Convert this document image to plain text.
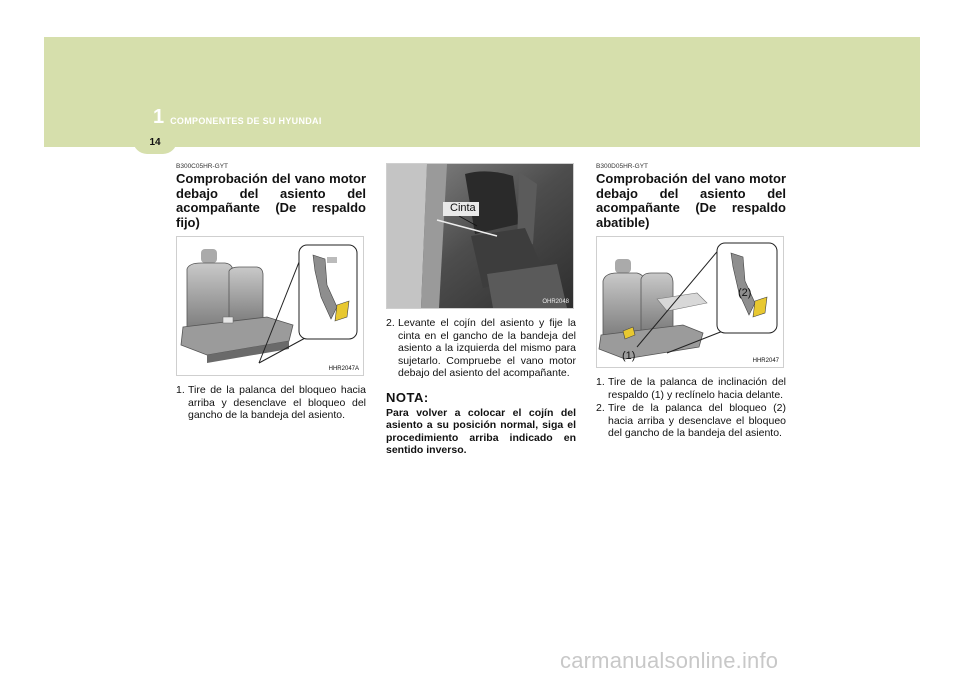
1 COMPONENTES DE SU HYUNDAI
14
B300C05HR-GYT
Comprobación del vano motor debajo del asiento del acompañante (De respaldo fijo)
HHR2047A
1. Tire de la palanca del bloqueo hacia arriba y desenclave el bloqueo del gancho de la bandeja del asiento.
Cinta
OHR2048
2. Levante el cojín del asiento y fije la cinta en el gancho de la bandeja del asiento a la izquierda del mismo para sujetarlo. Compruebe el vano motor debajo del asiento del acompañante.
NOTA:
Para volver a colocar el cojín del asiento a su posición normal, siga el procedimiento arriba indicado en sentido inverso.
B300D05HR-GYT
Comprobación del vano motor debajo del asiento del acompañante (De respaldo abatible)
(2)
(1)	HHR2047
1. Tire de la palanca de inclinación del respaldo (1) y reclínelo hacia delante.
2. Tire de la palanca del bloqueo (2) hacia arriba y desenclave el bloqueo del gancho de la bandeja del asiento.
carmanualsonline.info
